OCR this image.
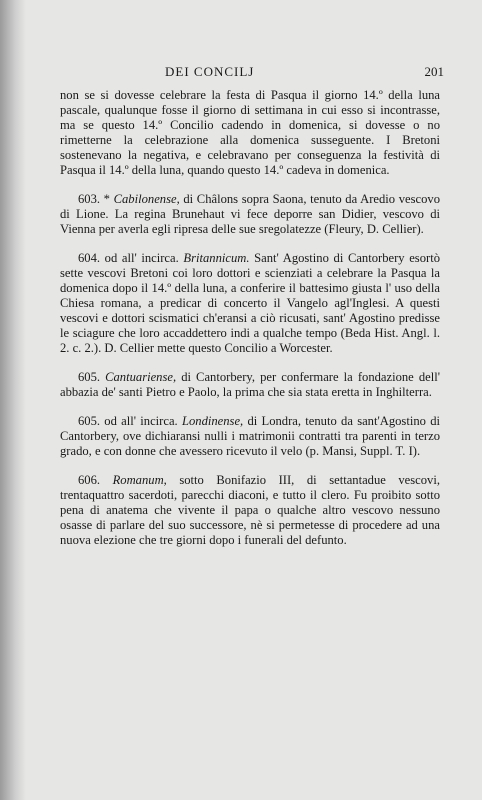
DEI CONCILJ	201

non se si dovesse celebrare la festa di Pasqua il giorno 14.º della luna pascale, qualunque fosse il giorno di settimana in cui esso si incontrasse, ma se questo 14.º Concilio cadendo in domenica, si dovesse o no rimetterne la celebrazione alla domenica susseguente. I Bretoni sostenevano la negativa, e celebravano per conseguenza la festività di Pasqua il 14.º della luna, quando questo 14.º cadeva in domenica.

603. * Cabilonense, di Châlons sopra Saona, tenuto da Aredio vescovo di Lione. La regina Brunehaut vi fece deporre san Didier, vescovo di Vienna per averla egli ripresa delle sue sregolatezze (Fleury, D. Cellier).

604. od all' incirca. Britannicum. Sant' Agostino di Cantorbery esortò sette vescovi Bretoni coi loro dottori e scienziati a celebrare la Pasqua la domenica dopo il 14.º della luna, a conferire il battesimo giusta l' uso della Chiesa romana, a predicar di concerto il Vangelo agl'Inglesi. A questi vescovi e dottori scismatici ch'eransi a ciò ricusati, sant' Agostino predisse le sciagure che loro accaddettero indi a qualche tempo (Beda Hist. Angl. l. 2. c. 2.). D. Cellier mette questo Concilio a Worcester.

605. Cantuariense, di Cantorbery, per confermare la fondazione dell' abbazia de' santi Pietro e Paolo, la prima che sia stata eretta in Inghilterra.

605. od all' incirca. Londinense, di Londra, tenuto da sant'Agostino di Cantorbery, ove dichiaransi nulli i matrimonii contratti tra parenti in terzo grado, e con donne che avessero ricevuto il velo (p. Mansi, Suppl. T. I).

606. Romanum, sotto Bonifazio III, di settantadue vescovi, trentaquattro sacerdoti, parecchi diaconi, e tutto il clero. Fu proibito sotto pena di anatema che vivente il papa o qualche altro vescovo nessuno osasse di parlare del suo successore, nè si permetesse di procedere ad una nuova elezione che tre giorni dopo i funerali del defunto.
